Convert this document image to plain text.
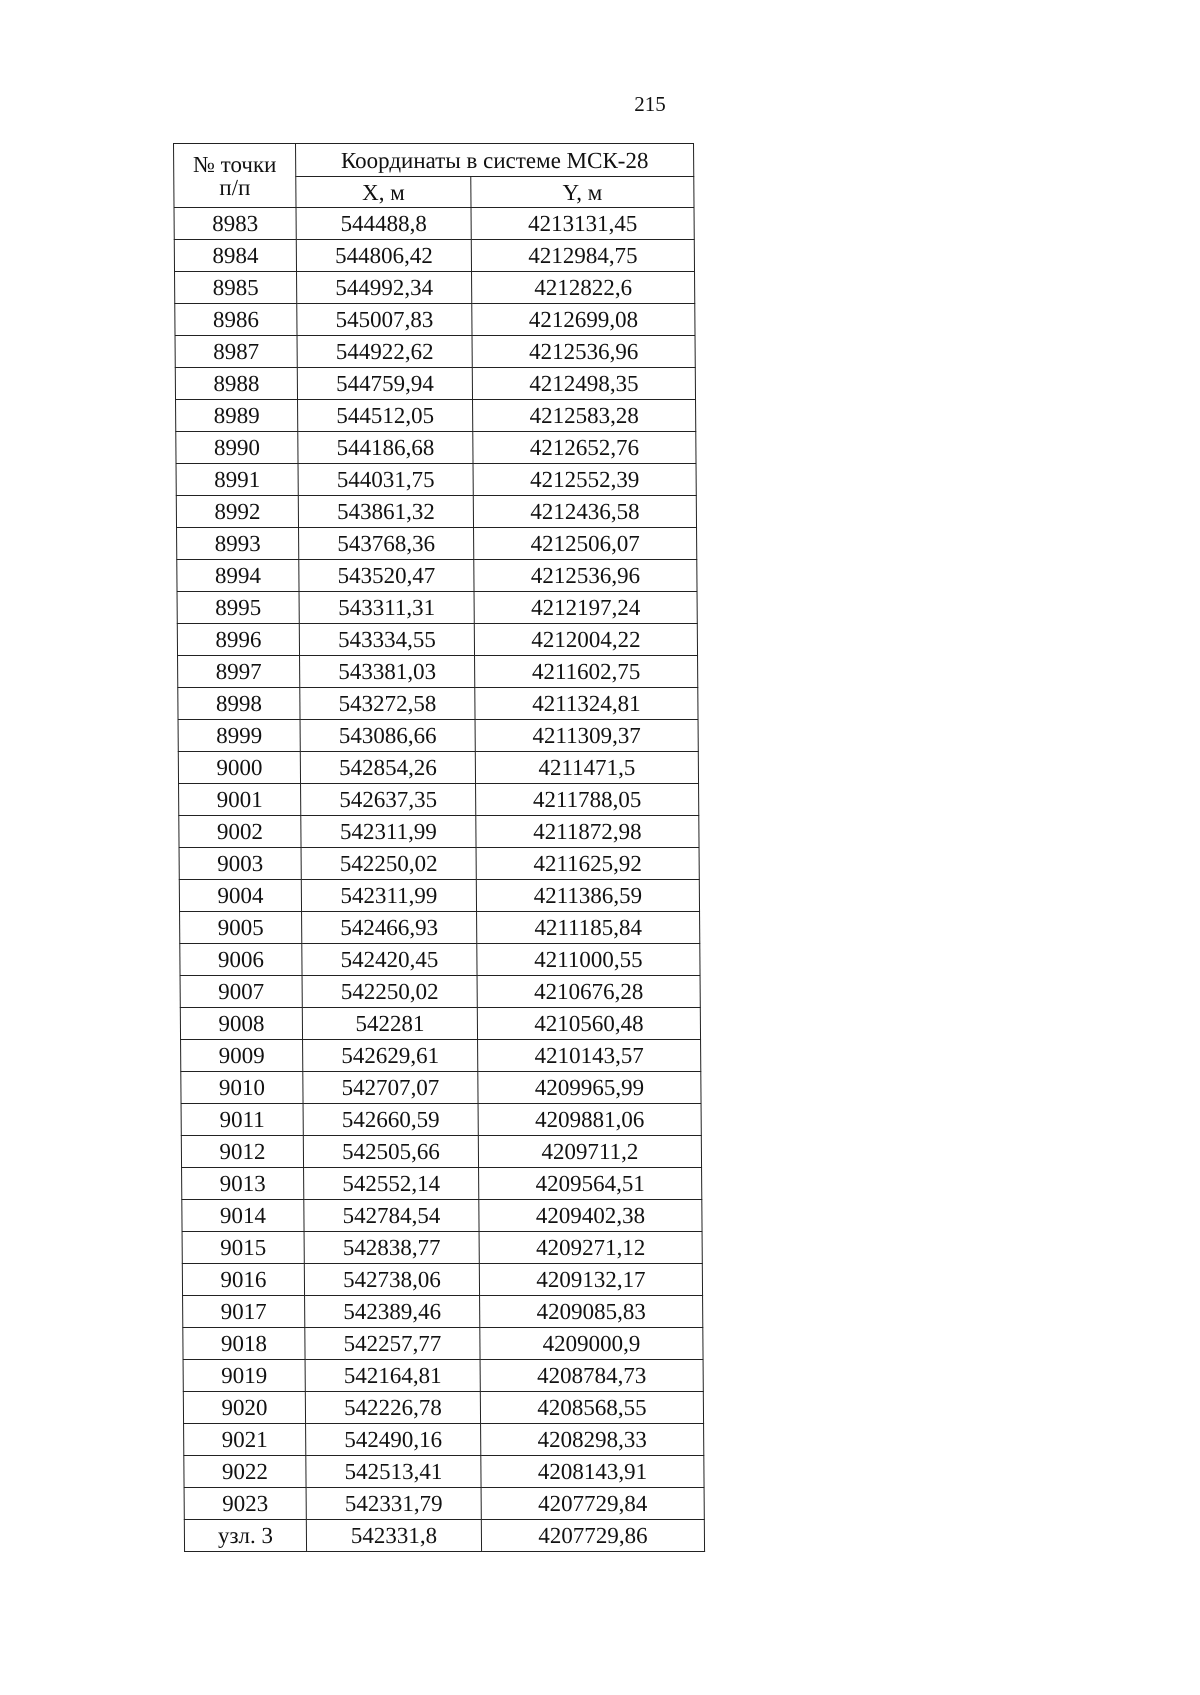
215
№ точки
п/п	Координаты в системе МСК-28	
	X, м	Y, м
8983	544488,8	4213131,45
8984	544806,42	4212984,75
8985	544992,34	4212822,6
8986	545007,83	4212699,08
8987	544922,62	4212536,96
8988	544759,94	4212498,35
8989	544512,05	4212583,28
8990	544186,68	4212652,76
8991	544031,75	4212552,39
8992	543861,32	4212436,58
8993	543768,36	4212506,07
8994	543520,47	4212536,96
8995	543311,31	4212197,24
8996	543334,55	4212004,22
8997	543381,03	4211602,75
8998	543272,58	4211324,81
8999	543086,66	4211309,37
9000	542854,26	4211471,5
9001	542637,35	4211788,05
9002	542311,99	4211872,98
9003	542250,02	4211625,92
9004	542311,99	4211386,59
9005	542466,93	4211185,84
9006	542420,45	4211000,55
9007	542250,02	4210676,28
9008	542281	4210560,48
9009	542629,61	4210143,57
9010	542707,07	4209965,99
9011	542660,59	4209881,06
9012	542505,66	4209711,2
9013	542552,14	4209564,51
9014	542784,54	4209402,38
9015	542838,77	4209271,12
9016	542738,06	4209132,17
9017	542389,46	4209085,83
9018	542257,77	4209000,9
9019	542164,81	4208784,73
9020	542226,78	4208568,55
9021	542490,16	4208298,33
9022	542513,41	4208143,91
9023	542331,79	4207729,84
узл. 3	542331,8	4207729,86
